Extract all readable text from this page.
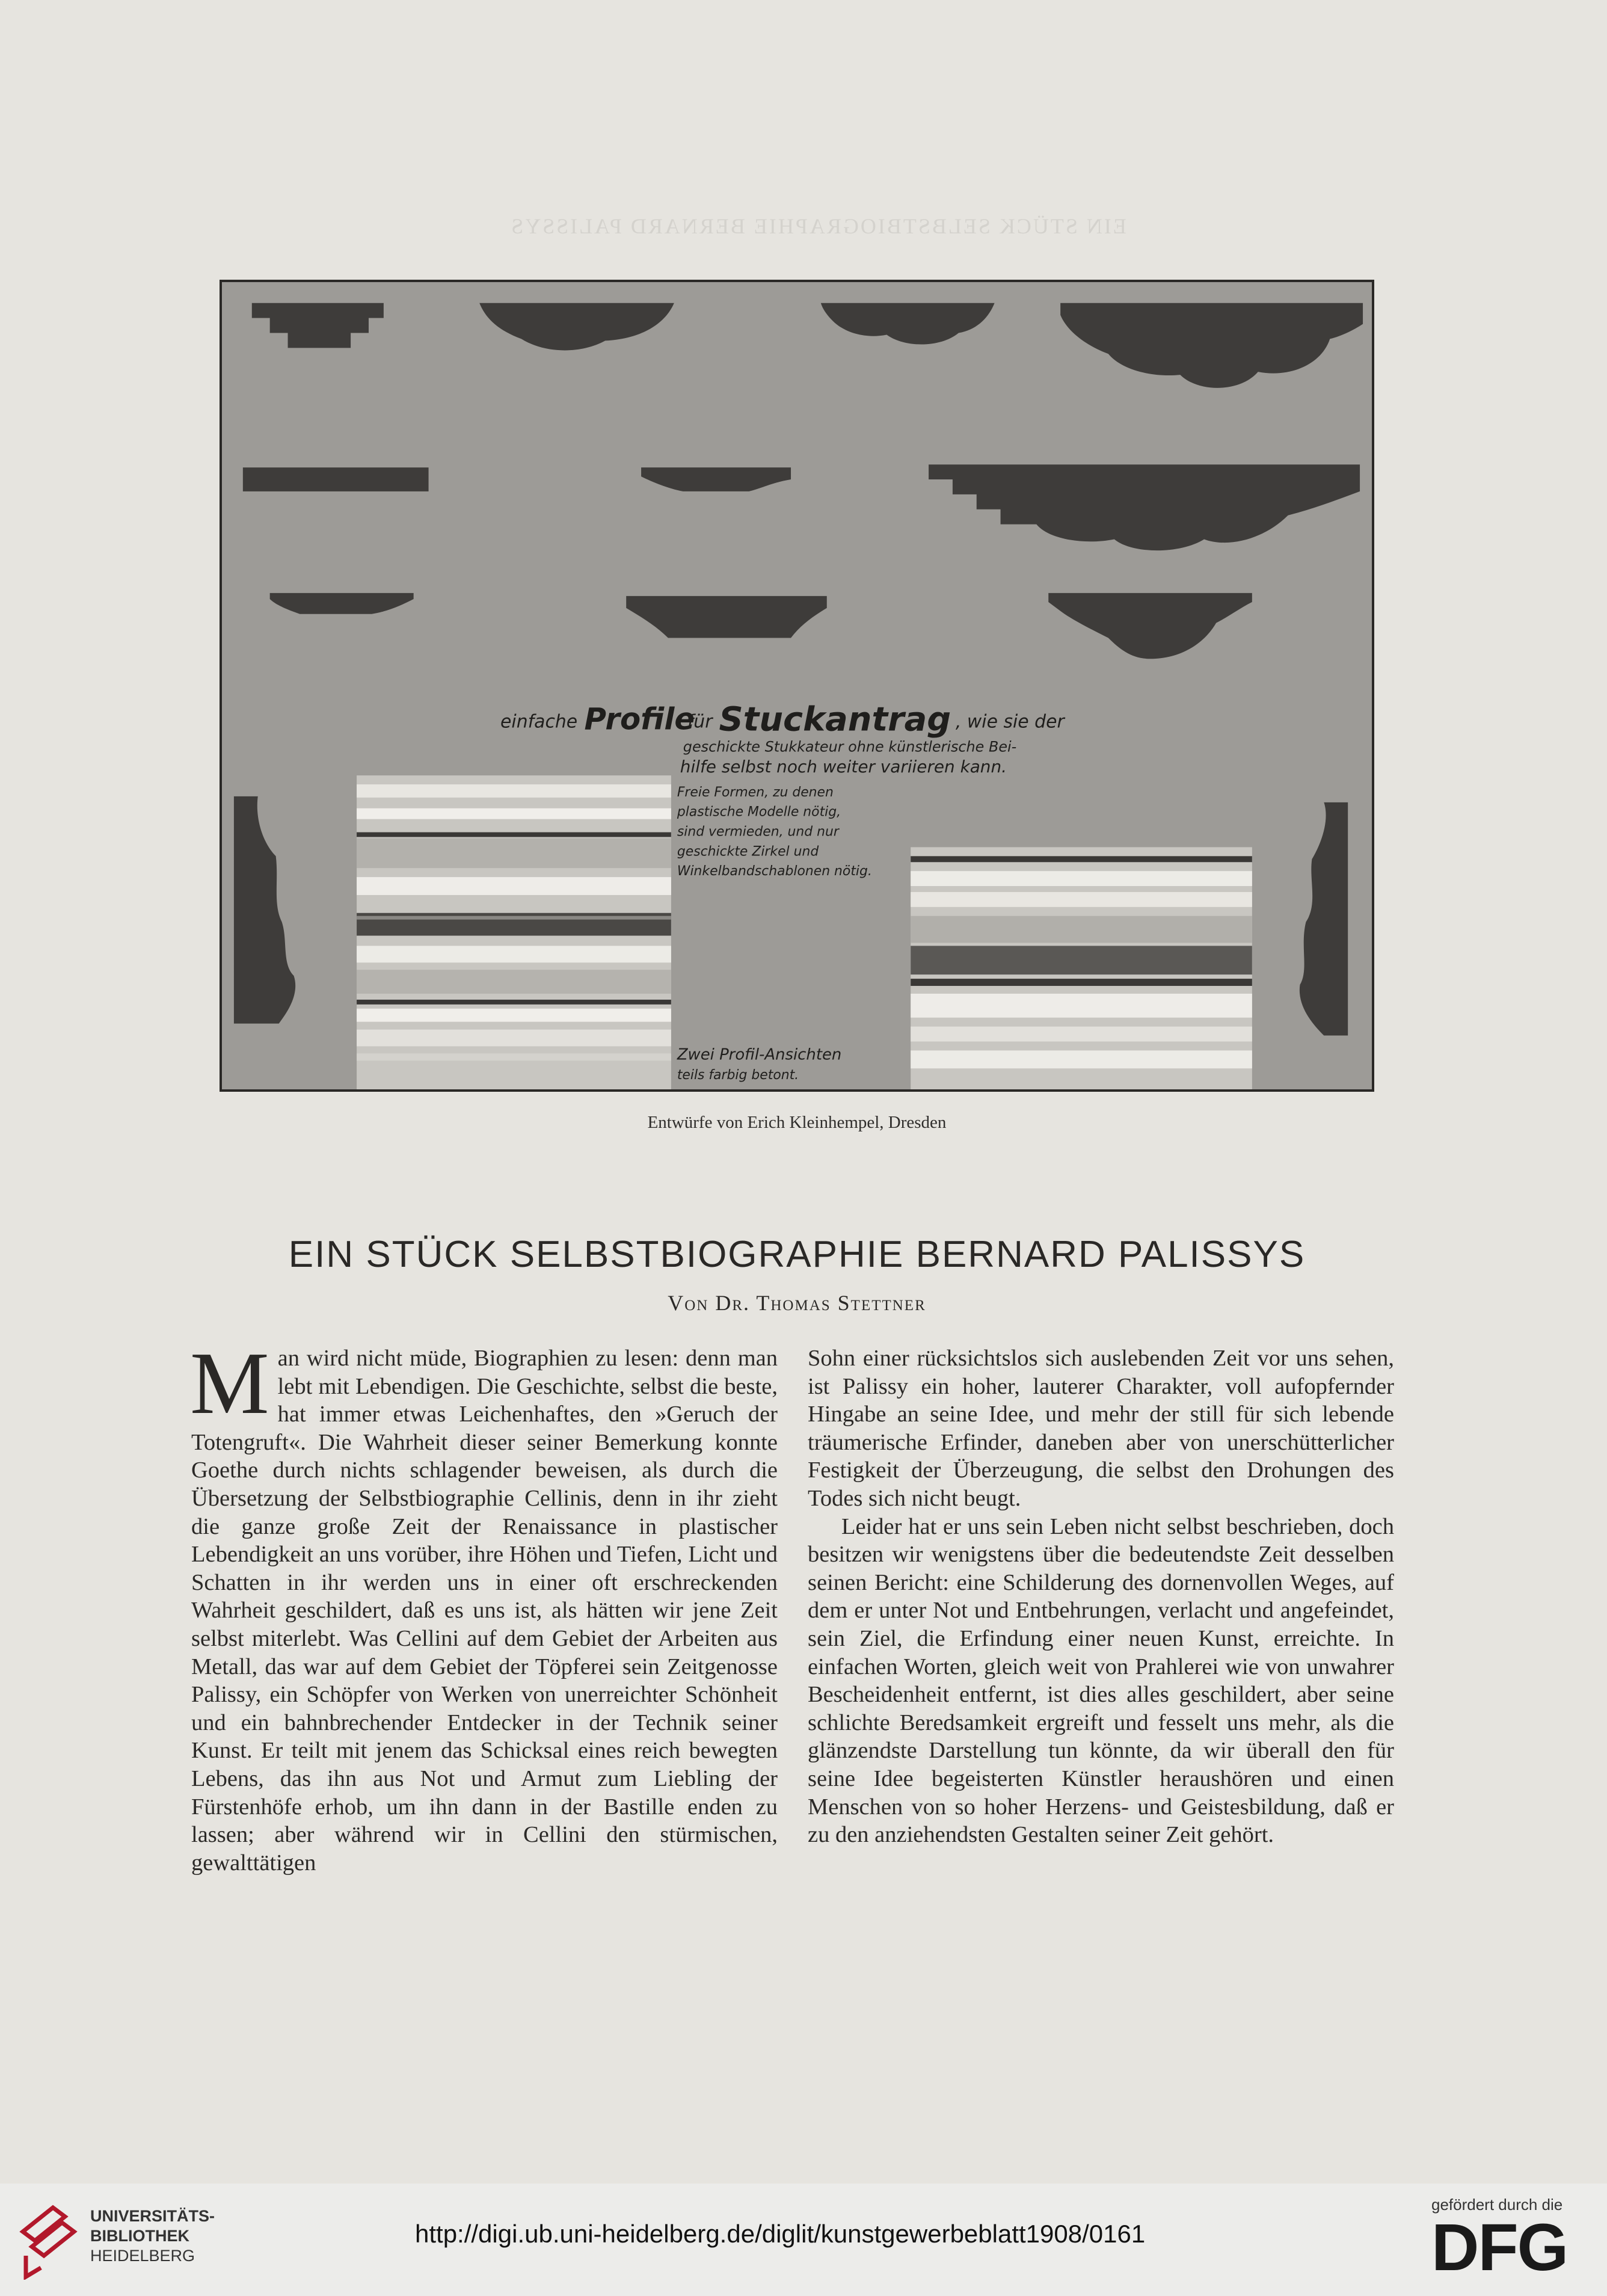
EIN STÜCK SELBSTBIOGRAPHIE BERNARD PALISSYS
einfache Profile
für Stuckantrag , wie sie der
geschickte Stukkateur ohne künstlerische Bei-
hilfe selbst noch weiter variieren kann.
Freie Formen, zu denen
plastische Modelle nötig,
sind vermieden, und nur
geschickte Zirkel und
Winkelbandschablonen nötig.
Zwei Profil-Ansichten
teils farbig betont.
Entwürfe von Erich Kleinhempel, Dresden
EIN STÜCK SELBSTBIOGRAPHIE BERNARD PALISSYS
Von Dr. Thomas Stettner
M an wird nicht müde, Biographien zu lesen: denn man lebt mit Lebendigen. Die Geschichte, selbst die beste, hat immer etwas Leichenhaftes, den »Geruch der Totengruft«. Die Wahrheit dieser seiner Bemerkung konnte Goethe durch nichts schlagender beweisen, als durch die Übersetzung der Selbstbiographie Cellinis, denn in ihr zieht die ganze große Zeit der Renaissance in plastischer Lebendigkeit an uns vorüber, ihre Höhen und Tiefen, Licht und Schatten in ihr werden uns in einer oft erschreckenden Wahrheit geschildert, daß es uns ist, als hätten wir jene Zeit selbst miterlebt. Was Cellini auf dem Gebiet der Arbeiten aus Metall, das war auf dem Gebiet der Töpferei sein Zeitgenosse Palissy, ein Schöpfer von Werken von unerreichter Schönheit und ein bahnbrechender Entdecker in der Technik seiner Kunst. Er teilt mit jenem das Schicksal eines reich bewegten Lebens, das ihn aus Not und Armut zum Liebling der Fürstenhöfe erhob, um ihn dann in der Bastille enden zu lassen; aber während wir in Cellini den stürmischen, gewalttätigen

Sohn einer rücksichtslos sich auslebenden Zeit vor uns sehen, ist Palissy ein hoher, lauterer Charakter, voll aufopfernder Hingabe an seine Idee, und mehr der still für sich lebende träumerische Erfinder, daneben aber von unerschütterlicher Festigkeit der Überzeugung, die selbst den Drohungen des Todes sich nicht beugt.

Leider hat er uns sein Leben nicht selbst beschrieben, doch besitzen wir wenigstens über die bedeutendste Zeit desselben seinen Bericht: eine Schilderung des dornenvollen Weges, auf dem er unter Not und Entbehrungen, verlacht und angefeindet, sein Ziel, die Erfindung einer neuen Kunst, erreichte. In einfachen Worten, gleich weit von Prahlerei wie von unwahrer Bescheidenheit entfernt, ist dies alles geschildert, aber seine schlichte Beredsamkeit ergreift und fesselt uns mehr, als die glänzendste Darstellung tun könnte, da wir überall den für seine Idee begeisterten Künstler heraushören und einen Menschen von so hoher Herzens- und Geistesbildung, daß er zu den anziehendsten Gestalten seiner Zeit gehört.

UNIVERSITÄTS-
BIBLIOTHEK
HEIDELBERG
http://digi.ub.uni-heidelberg.de/diglit/kunstgewerbeblatt1908/0161
gefördert durch die
DFG
